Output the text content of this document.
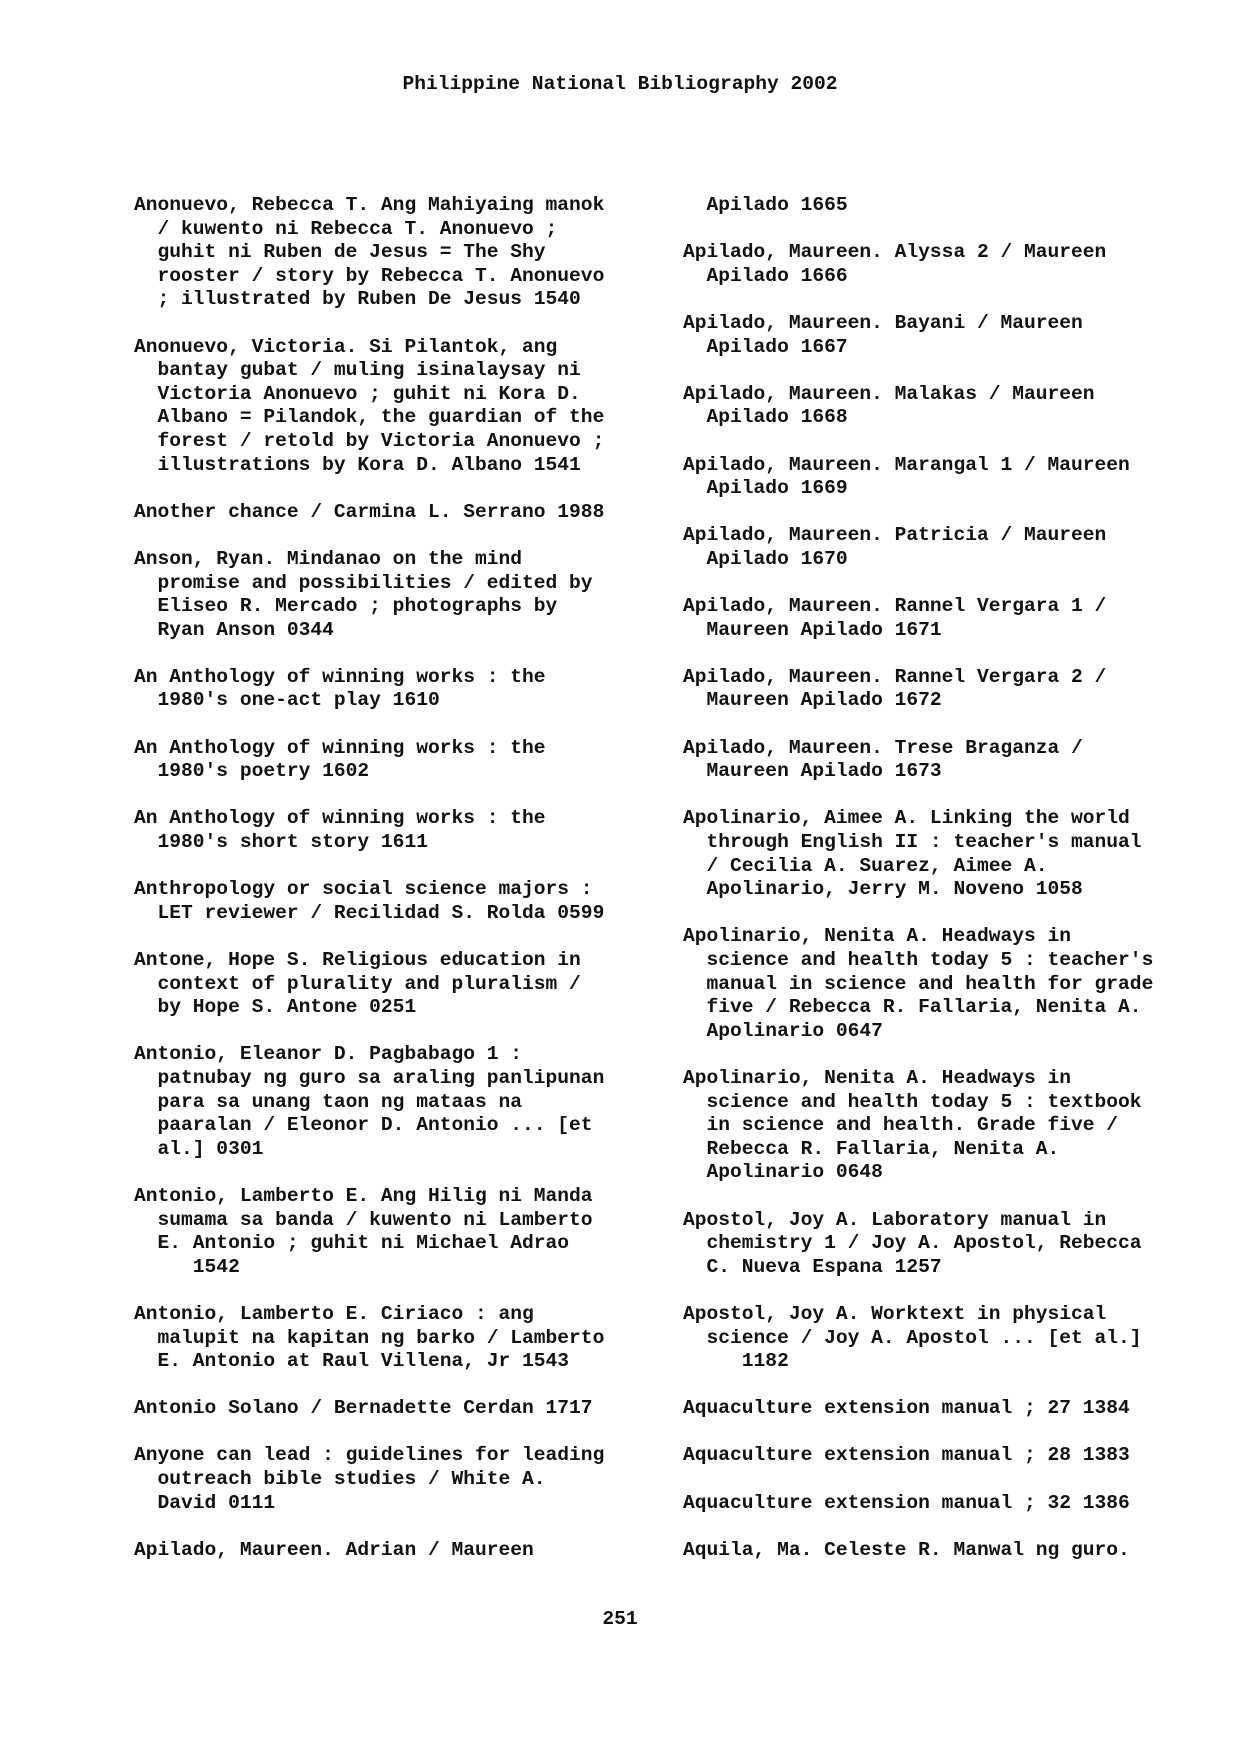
Philippine National Bibliography 2002
Anonuevo, Rebecca T. Ang Mahiyaing manok
/ kuwento ni Rebecca T. Anonuevo ;
guhit ni Ruben de Jesus = The Shy
rooster / story by Rebecca T. Anonuevo
; illustrated by Ruben De Jesus 1540
Anonuevo, Victoria. Si Pilantok, ang
bantay gubat / muling isinalaysay ni
Victoria Anonuevo ; guhit ni Kora D.
Albano = Pilandok, the guardian of the
forest / retold by Victoria Anonuevo ;
illustrations by Kora D. Albano 1541
Another chance / Carmina L. Serrano 1988
Anson, Ryan. Mindanao on the mind
promise and possibilities / edited by
Eliseo R. Mercado ; photographs by
Ryan Anson 0344
An Anthology of winning works : the
1980's one-act play 1610
An Anthology of winning works : the
1980's poetry 1602
An Anthology of winning works : the
1980's short story 1611
Anthropology or social science majors :
LET reviewer / Recilidad S. Rolda 0599
Antone, Hope S. Religious education in
context of plurality and pluralism /
by Hope S. Antone 0251
Antonio, Eleanor D. Pagbabago 1 :
patnubay ng guro sa araling panlipunan
para sa unang taon ng mataas na
paaralan / Eleonor D. Antonio ... [et
al.] 0301
Antonio, Lamberto E. Ang Hilig ni Manda
sumama sa banda / kuwento ni Lamberto
E. Antonio ; guhit ni Michael Adrao
1542
Antonio, Lamberto E. Ciriaco : ang
malupit na kapitan ng barko / Lamberto
E. Antonio at Raul Villena, Jr 1543
Antonio Solano / Bernadette Cerdan 1717
Anyone can lead : guidelines for leading
outreach bible studies / White A.
David 0111
Apilado, Maureen. Adrian / Maureen
Apilado 1665
Apilado, Maureen. Alyssa 2 / Maureen
Apilado 1666
Apilado, Maureen. Bayani / Maureen
Apilado 1667
Apilado, Maureen. Malakas / Maureen
Apilado 1668
Apilado, Maureen. Marangal 1 / Maureen
Apilado 1669
Apilado, Maureen. Patricia / Maureen
Apilado 1670
Apilado, Maureen. Rannel Vergara 1 /
Maureen Apilado 1671
Apilado, Maureen. Rannel Vergara 2 /
Maureen Apilado 1672
Apilado, Maureen. Trese Braganza /
Maureen Apilado 1673
Apolinario, Aimee A. Linking the world
through English II : teacher's manual
/ Cecilia A. Suarez, Aimee A.
Apolinario, Jerry M. Noveno 1058
Apolinario, Nenita A. Headways in
science and health today 5 : teacher's
manual in science and health for grade
five / Rebecca R. Fallaria, Nenita A.
Apolinario 0647
Apolinario, Nenita A. Headways in
science and health today 5 : textbook
in science and health. Grade five /
Rebecca R. Fallaria, Nenita A.
Apolinario 0648
Apostol, Joy A. Laboratory manual in
chemistry 1 / Joy A. Apostol, Rebecca
C. Nueva Espana 1257
Apostol, Joy A. Worktext in physical
science / Joy A. Apostol ... [et al.]
1182
Aquaculture extension manual ; 27 1384
Aquaculture extension manual ; 28 1383
Aquaculture extension manual ; 32 1386
Aquila, Ma. Celeste R. Manwal ng guro.
251
